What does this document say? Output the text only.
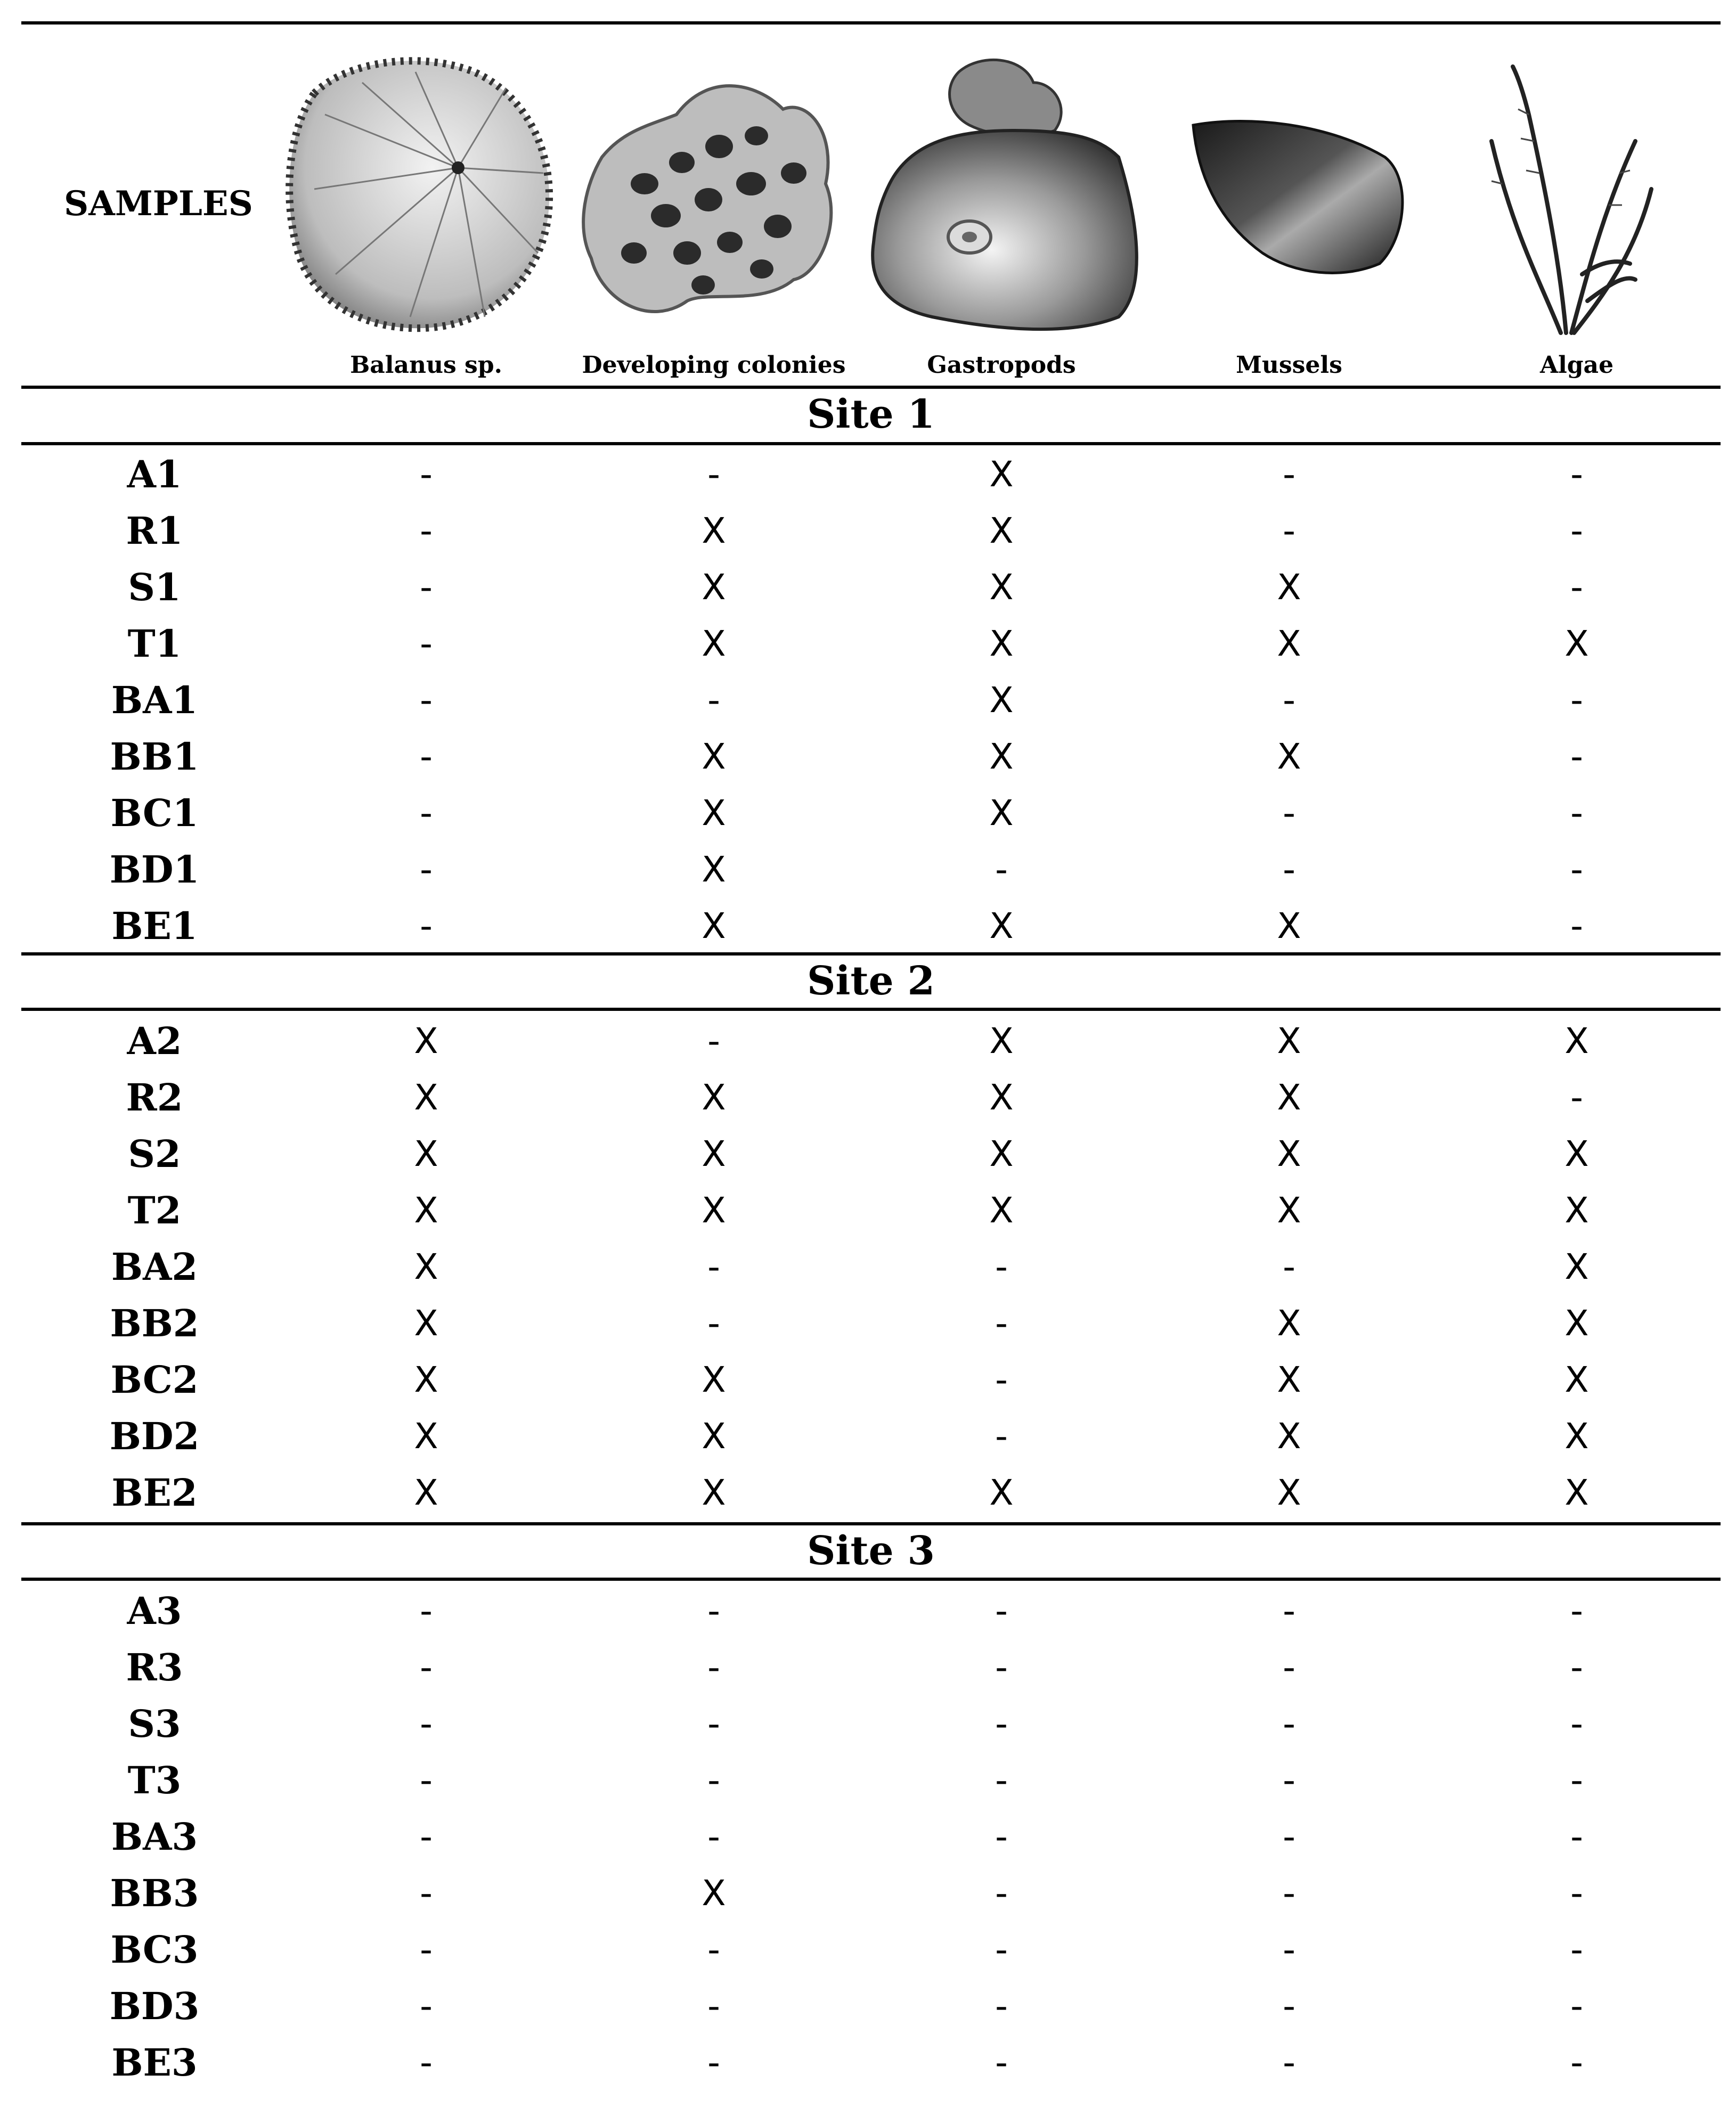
SAMPLES
Balanus sp.	Developing colonies	Gastropods	Mussels	Algae
Site 1
Site 2
Site 3
A1	-	-	X	-	-
R1	-	X	X	-	-
S1	-	X	X	X	-
T1	-	X	X	X	X
BA1	-	-	X	-	-
BB1	-	X	X	X	-
BC1	-	X	X	-	-
BD1	-	X	-	-	-
BE1	-	X	X	X	-
A2	X	-	X	X	X
R2	X	X	X	X	-
S2	X	X	X	X	X
T2	X	X	X	X	X
BA2	X	-	-	-	X
BB2	X	-	-	X	X
BC2	X	X	-	X	X
BD2	X	X	-	X	X
BE2	X	X	X	X	X
A3	-	-	-	-	-
R3	-	-	-	-	-
S3	-	-	-	-	-
T3	-	-	-	-	-
BA3	-	-	-	-	-
BB3	-	X	-	-	-
BC3	-	-	-	-	-
BD3	-	-	-	-	-
BE3	-	-	-	-	-
